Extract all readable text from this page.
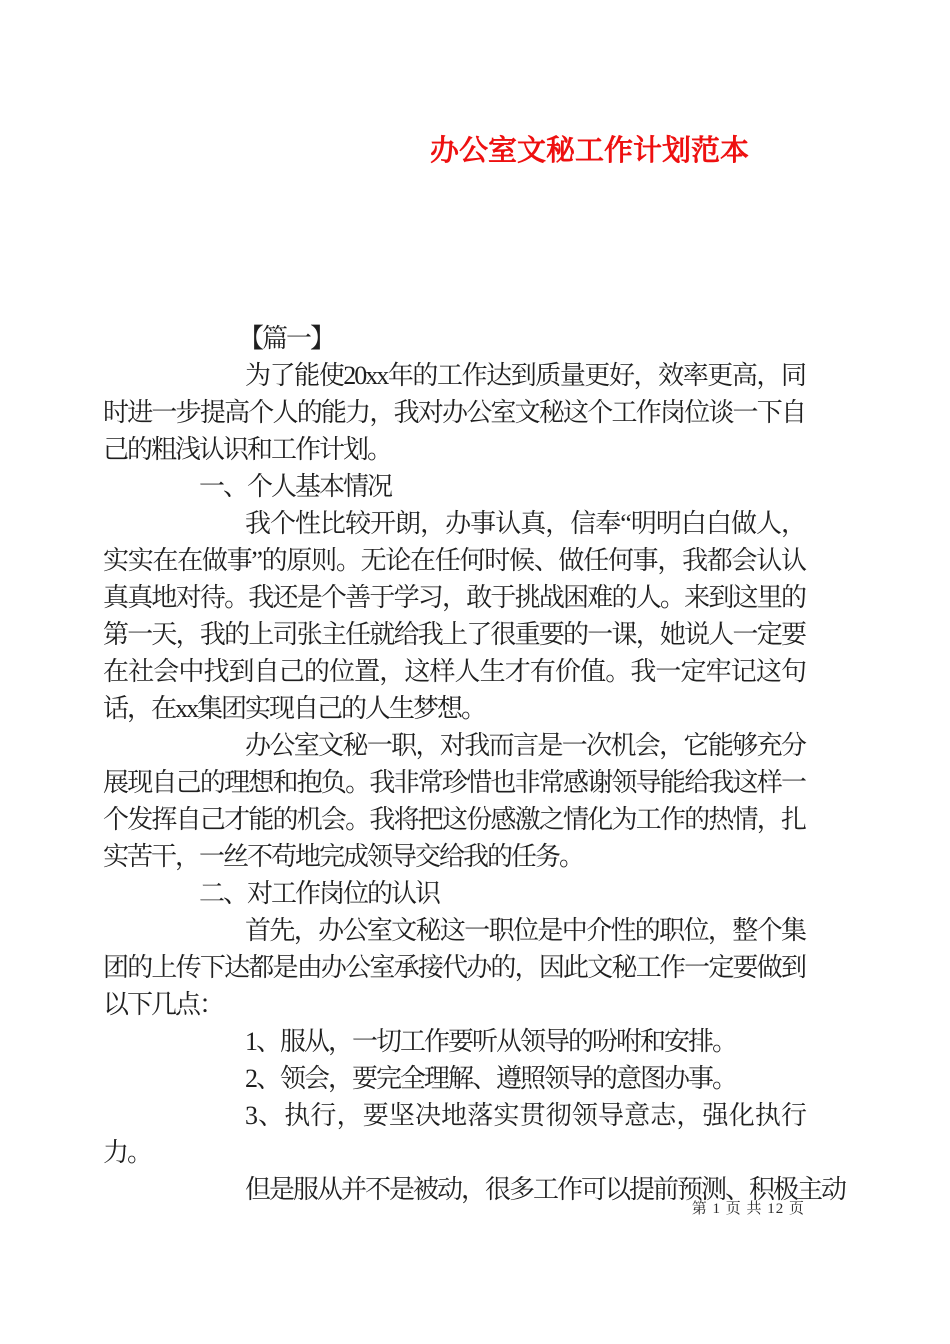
办公室文秘工作计划范本

【篇一】

为了能使20xx年的工作达到质量更好，效率更高，同时进一步提高个人的能力，我对办公室文秘这个工作岗位谈一下自己的粗浅认识和工作计划。

一、个人基本情况

我个性比较开朗，办事认真，信奉“明明白白做人，实实在在做事”的原则。无论在任何时候、做任何事，我都会认认真真地对待。我还是个善于学习，敢于挑战困难的人。来到这里的第一天，我的上司张主任就给我上了很重要的一课，她说人一定要在社会中找到自己的位置，这样人生才有价值。我一定牢记这句话，在xx集团实现自己的人生梦想。

办公室文秘一职，对我而言是一次机会，它能够充分展现自己的理想和抱负。我非常珍惜也非常感谢领导能给我这样一个发挥自己才能的机会。我将把这份感激之情化为工作的热情，扎实苦干，一丝不苟地完成领导交给我的任务。

二、对工作岗位的认识

首先，办公室文秘这一职位是中介性的职位，整个集团的上传下达都是由办公室承接代办的，因此文秘工作一定要做到以下几点：

1、服从，一切工作要听从领导的吩咐和安排。

2、领会，要完全理解、遵照领导的意图办事。

3、执行，要坚决地落实贯彻领导意志，强化执行力。

但是服从并不是被动，很多工作可以提前预测、积极主动

第 1 页 共 12 页
